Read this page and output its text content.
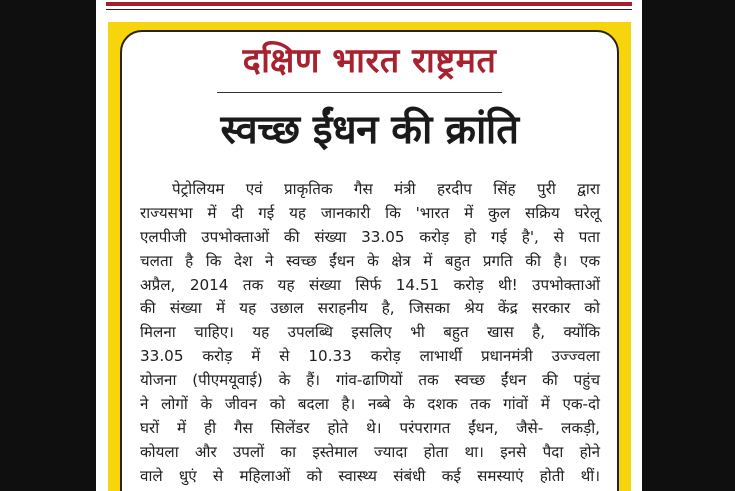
दक्षिण भारत राष्ट्रमत
स्वच्छ ईंधन की क्रांति
पेट्रोलियम एवं प्राकृतिक गैस मंत्री हरदीप सिंह पुरी द्वारा
राज्यसभा में दी गई यह जानकारी कि 'भारत में कुल सक्रिय घरेलू
एलपीजी उपभोक्ताओं की संख्या 33.05 करोड़ हो गई है', से पता
चलता है कि देश ने स्वच्छ ईंधन के क्षेत्र में बहुत प्रगति की है। एक
अप्रैल, 2014 तक यह संख्या सिर्फ 14.51 करोड़ थी! उपभोक्ताओं
की संख्या में यह उछाल सराहनीय है, जिसका श्रेय केंद्र सरकार को
मिलना चाहिए। यह उपलब्धि इसलिए भी बहुत खास है, क्योंकि
33.05 करोड़ में से 10.33 करोड़ लाभार्थी प्रधानमंत्री उज्ज्वला
योजना (पीएमयूवाई) के हैं। गांव-ढाणियों तक स्वच्छ ईंधन की पहुंच
ने लोगों के जीवन को बदला है। नब्बे के दशक तक गांवों में एक-दो
घरों में ही गैस सिलेंडर होते थे। परंपरागत ईंधन, जैसे- लकड़ी,
कोयला और उपलों का इस्तेमाल ज्यादा होता था। इनसे पैदा होने
वाले धुएं से महिलाओं को स्वास्थ्य संबंधी कई समस्याएं होती थीं।
